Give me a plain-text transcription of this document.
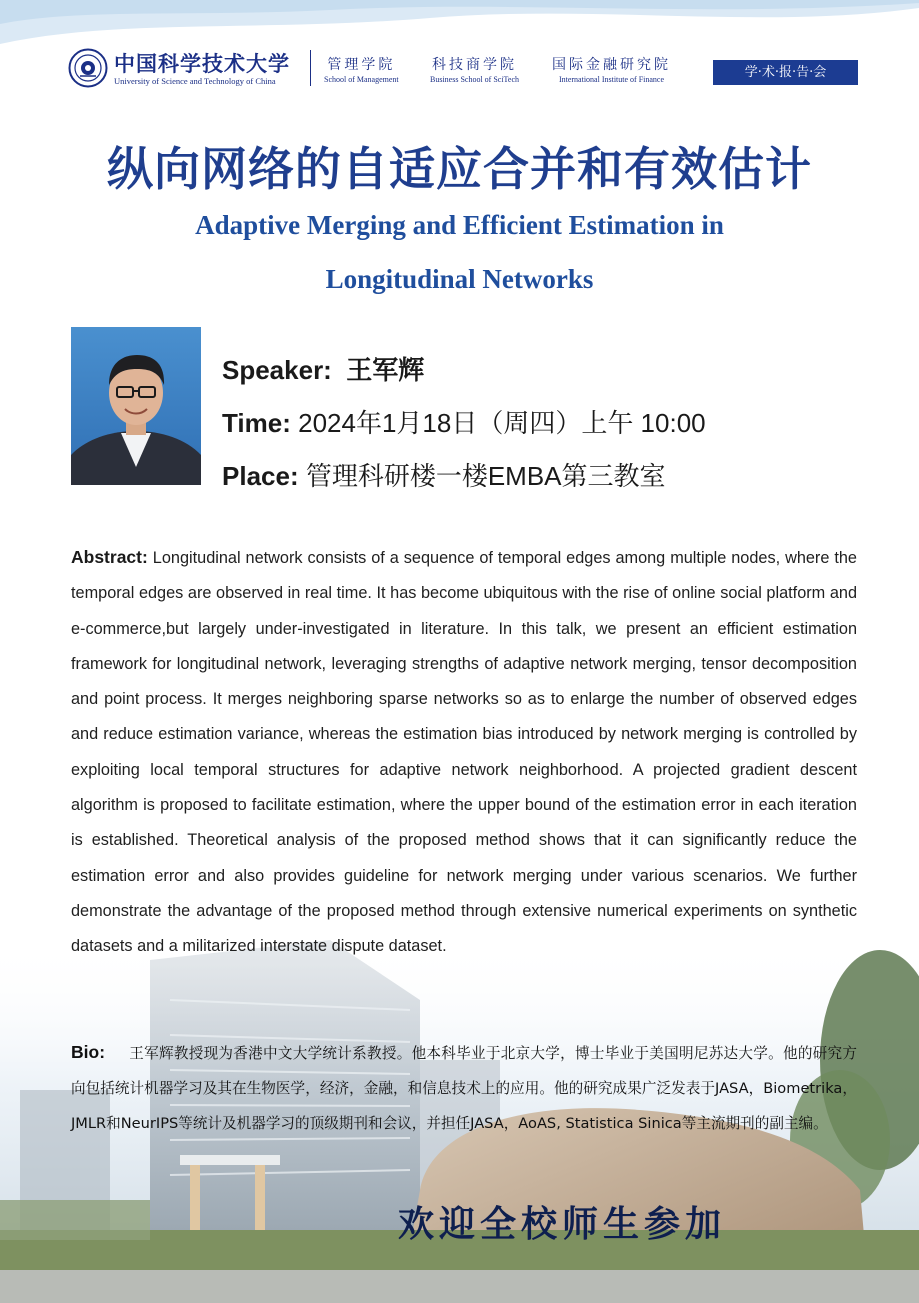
中国科学技术大学
University of Science and Technology of China
管理学院
School of Management
科技商学院
Business School of SciTech
国际金融研究院
International Institute of Finance	学·术·报·告·会
纵向网络的自适应合并和有效估计
Adaptive Merging and Efficient Estimation in
Longitudinal Networks
Speaker: 王军辉
Time: 2024年1月18日（周四）上午 10:00
Place: 管理科研楼一楼EMBA第三教室
Abstract: Longitudinal network consists of a sequence of temporal edges among multiple nodes, where the temporal edges are observed in real time. It has become ubiquitous with the rise of online social platform and e-commerce,but largely under-investigated in literature. In this talk, we present an efficient estimation framework for longitudinal network, leveraging strengths of adaptive network merging, tensor decomposition and point process. It merges neighboring sparse networks so as to enlarge the number of observed edges and reduce estimation variance, whereas the estimation bias introduced by network merging is controlled by exploiting local temporal structures for adaptive network neighborhood. A projected gradient descent algorithm is proposed to facilitate estimation, where the upper bound of the estimation error in each iteration is established. Theoretical analysis of the proposed method shows that it can significantly reduce the estimation error and also provides guideline for network merging under various scenarios. We further demonstrate the advantage of the proposed method through extensive numerical experiments on synthetic datasets and a militarized interstate dispute dataset.
Bio: 王军辉教授现为香港中文大学统计系教授。他本科毕业于北京大学，博士毕业于美国明尼苏达大学。他的研究方向包括统计机器学习及其在生物医学，经济，金融，和信息技术上的应用。他的研究成果广泛发表于JASA，Biometrika，JMLR和NeurIPS等统计及机器学习的顶级期刊和会议，并担任JASA，AoAS, Statistica Sinica等主流期刊的副主编。
欢迎全校师生参加
